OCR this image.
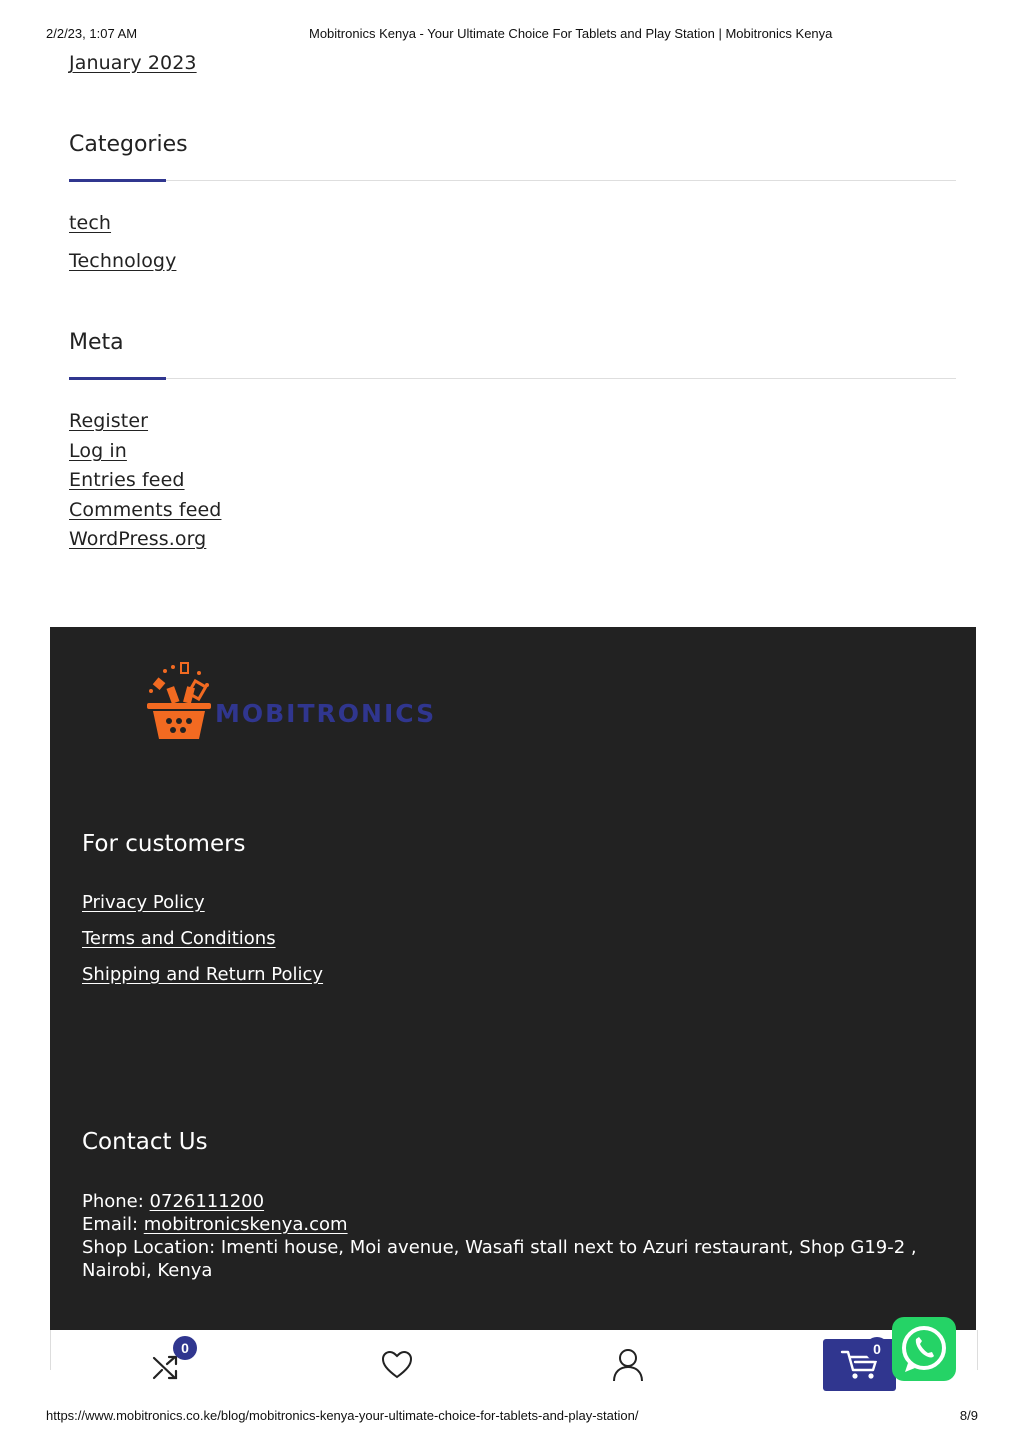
2/2/23, 1:07 AM	Mobitronics Kenya - Your Ultimate Choice For Tablets and Play Station | Mobitronics Kenya
January 2023
Categories
tech
Technology
Meta
Register
Log in
Entries feed
Comments feed
WordPress.org
MOBITRONICS
For customers
Privacy Policy
Terms and Conditions
Shipping and Return Policy
Contact Us
Phone: 0726111200
Email: mobitronicskenya.com
Shop Location: Imenti house, Moi avenue, Wasafi stall next to Azuri restaurant, Shop G19-2 , Nairobi, Kenya
0	0
https://www.mobitronics.co.ke/blog/mobitronics-kenya-your-ultimate-choice-for-tablets-and-play-station/	8/9
